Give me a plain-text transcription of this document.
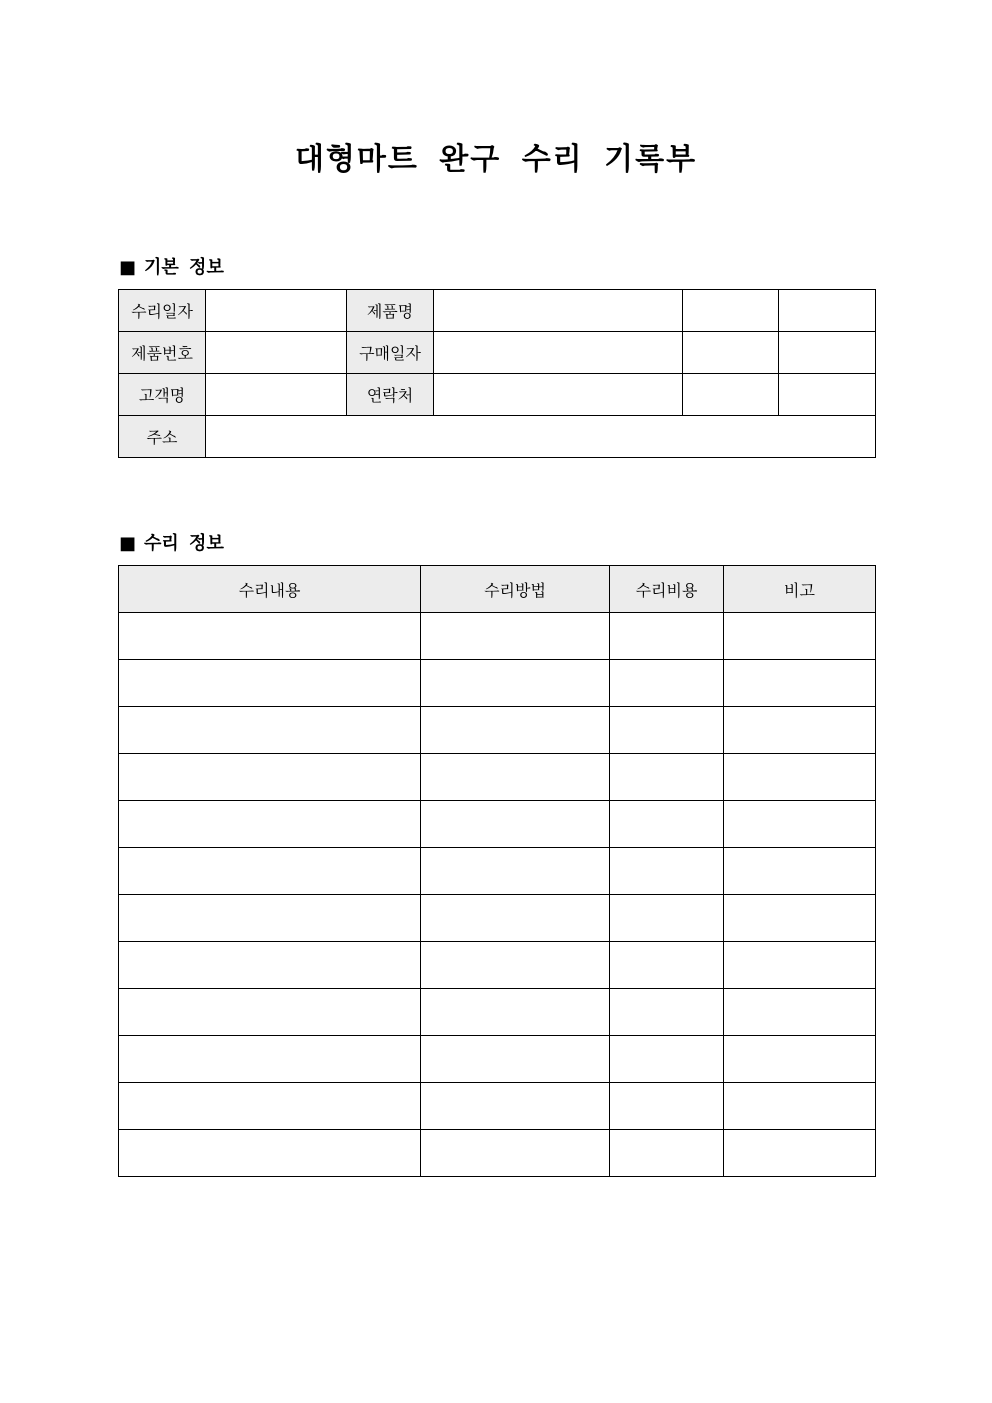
대형마트 완구 수리 기록부
■ 기본 정보
수리일자		제품명			
제품번호		구매일자			
고객명		연락처			
주소					
■ 수리 정보
수리내용	수리방법	수리비용	비고
